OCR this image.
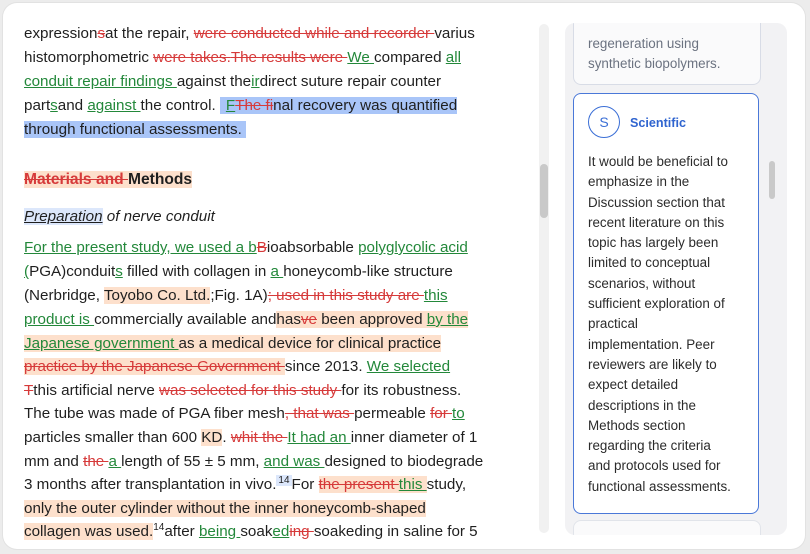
expressionsat the repair, were conducted while and recorder varius
histomorphometric were takes.The results were We compared all
conduit repair findings against theirdirect suture repair counter
partsand against the control. FThe final recovery was quantified
through functional assessments.
Materials and Methods
Preparation of nerve conduit
For the present study, we used a bBioabsorbable polyglycolic acid
(PGA)conduits filled with collagen in a honeycomb-like structure
(Nerbridge, Toyobo Co. Ltd.;Fig. 1A); used in this study are this
product is commercially available andhasve been approved by the
Japanese government as a medical device for clinical practice
practice by the Japanese Government since 2013. We selected
Tthis artificial nerve was selected for this study for its robustness.
The tube was made of PGA fiber mesh, that was permeable for to
particles smaller than 600 KD. whit the It had an inner diameter of 1
mm and the a length of 55 ± 5 mm, and was designed to biodegrade
3 months after transplantation in vivo. $^{14}$ For the present this study,
only the outer cylinder without the inner honeycomb-shaped
collagen was used.$^{14}$after being soakeding soakeding in saline for 5
regeneration using
synthetic biopolymers.
S	Scientific
It would be beneficial to
emphasize in the
Discussion section that
recent literature on this
topic has largely been
limited to conceptual
scenarios, without
sufficient exploration of
practical
implementation. Peer
reviewers are likely to
expect detailed
descriptions in the
Methods section
regarding the criteria
and protocols used for
functional assessments.
